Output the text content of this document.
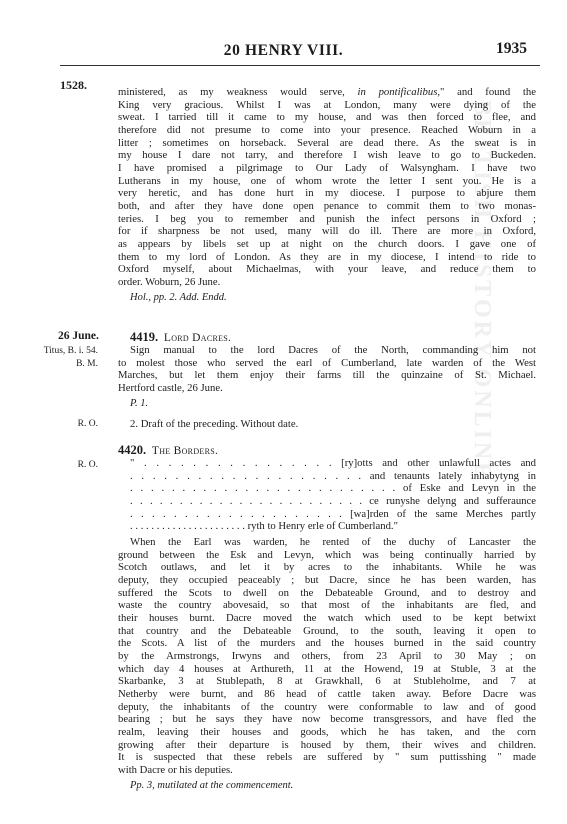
20 HENRY VIII.	1935
BRITISH HISTORY ONLINE
1528.	ministered, as my weakness would serve, in pontificalibus," and found the
King very gracious. Whilst I was at London, many were dying of the
sweat. I tarried till it came to my house, and was then forced to flee, and
therefore did not presume to come into your presence. Reached Woburn in a
litter ; sometimes on horseback. Several are dead there. As the sweat is in
my house I dare not tarry, and therefore I wish leave to go to Buckeden.
I have promised a pilgrimage to Our Lady of Walsyngham. I have two
Lutherans in my house, one of whom wrote the letter I sent you. He is a
very heretic, and has done hurt in my diocese. I purpose to abjure them
both, and after they have done open penance to commit them to two monas-
teries. I beg you to remember and punish the infect persons in Oxford ;
for if sharpness be not used, many will do ill. There are more in Oxford,
as appears by libels set up at night on the church doors. I gave one of
them to my lord of London. As they are in my diocese, I intend to ride to
Oxford myself, about Michaelmas, with your leave, and reduce them to
order. Woburn, 26 June.
Hol., pp. 2. Add. Endd.
26 June.
Titus, B. i. 54.
B. M.
4419. Lord Dacres.
Sign manual to the lord Dacres of the North, commanding him not
to molest those who served the earl of Cumberland, late warden of the West
Marches, but let them enjoy their farms till the quinzaine of St. Michael.
Hertford castle, 26 June.
P. 1.
R. O.	2. Draft of the preceding. Without date.
4420. The Borders.
R. O.	" . . . . . . . . . . . . . . . . [ry]otts and other unlawfull actes and
. . . . . . . . . . . . . . . . . . . . . and tenaunts lately inhabytyng in
. . . . . . . . . . . . . . . . . . . . . . . . . . of Eske and Levyn in the
. . . . . . . . . . . . . . . . . . . . . . . . ce runyshe delyng and sufferaunce
. . . . . . . . . . . . . . . . . . . . [wa]rden of the same Merches partly
. . . . . . . . . . . . . . . . . . . . . . ryth to Henry erle of Cumberland."
When the Earl was warden, he rented of the duchy of Lancaster the
ground between the Esk and Levyn, which was being continually harried by
Scotch outlaws, and let it by acres to the inhabitants. While he was
deputy, they occupied peaceably ; but Dacre, since he has been warden, has
suffered the Scots to dwell on the Debateable Ground, and to destroy and
waste the country abovesaid, so that most of the inhabitants are fled, and
their houses burnt. Dacre moved the watch which used to be kept betwixt
that country and the Debateable Ground, to the south, leaving it open to
the Scots. A list of the murders and the houses burned in the said country
by the Armstrongs, Irwyns and others, from 23 April to 30 May ; on
which day 4 houses at Arthureth, 11 at the Howend, 19 at Stuble, 3 at the
Skarbanke, 3 at Stublepath, 8 at Grawkhall, 6 at Stubleholme, and 7 at
Netherby were burnt, and 86 head of cattle taken away. Before Dacre was
deputy, the inhabitants of the country were conformable to law and of good
bearing ; but he says they have now become transgressors, and have fled the
realm, leaving their houses and goods, which he has taken, and the corn
growing after their departure is housed by them, their wives and children.
It is suspected that these rebels are suffered by " sum puttisshing " made
with Dacre or his deputies.
Pp. 3, mutilated at the commencement.
